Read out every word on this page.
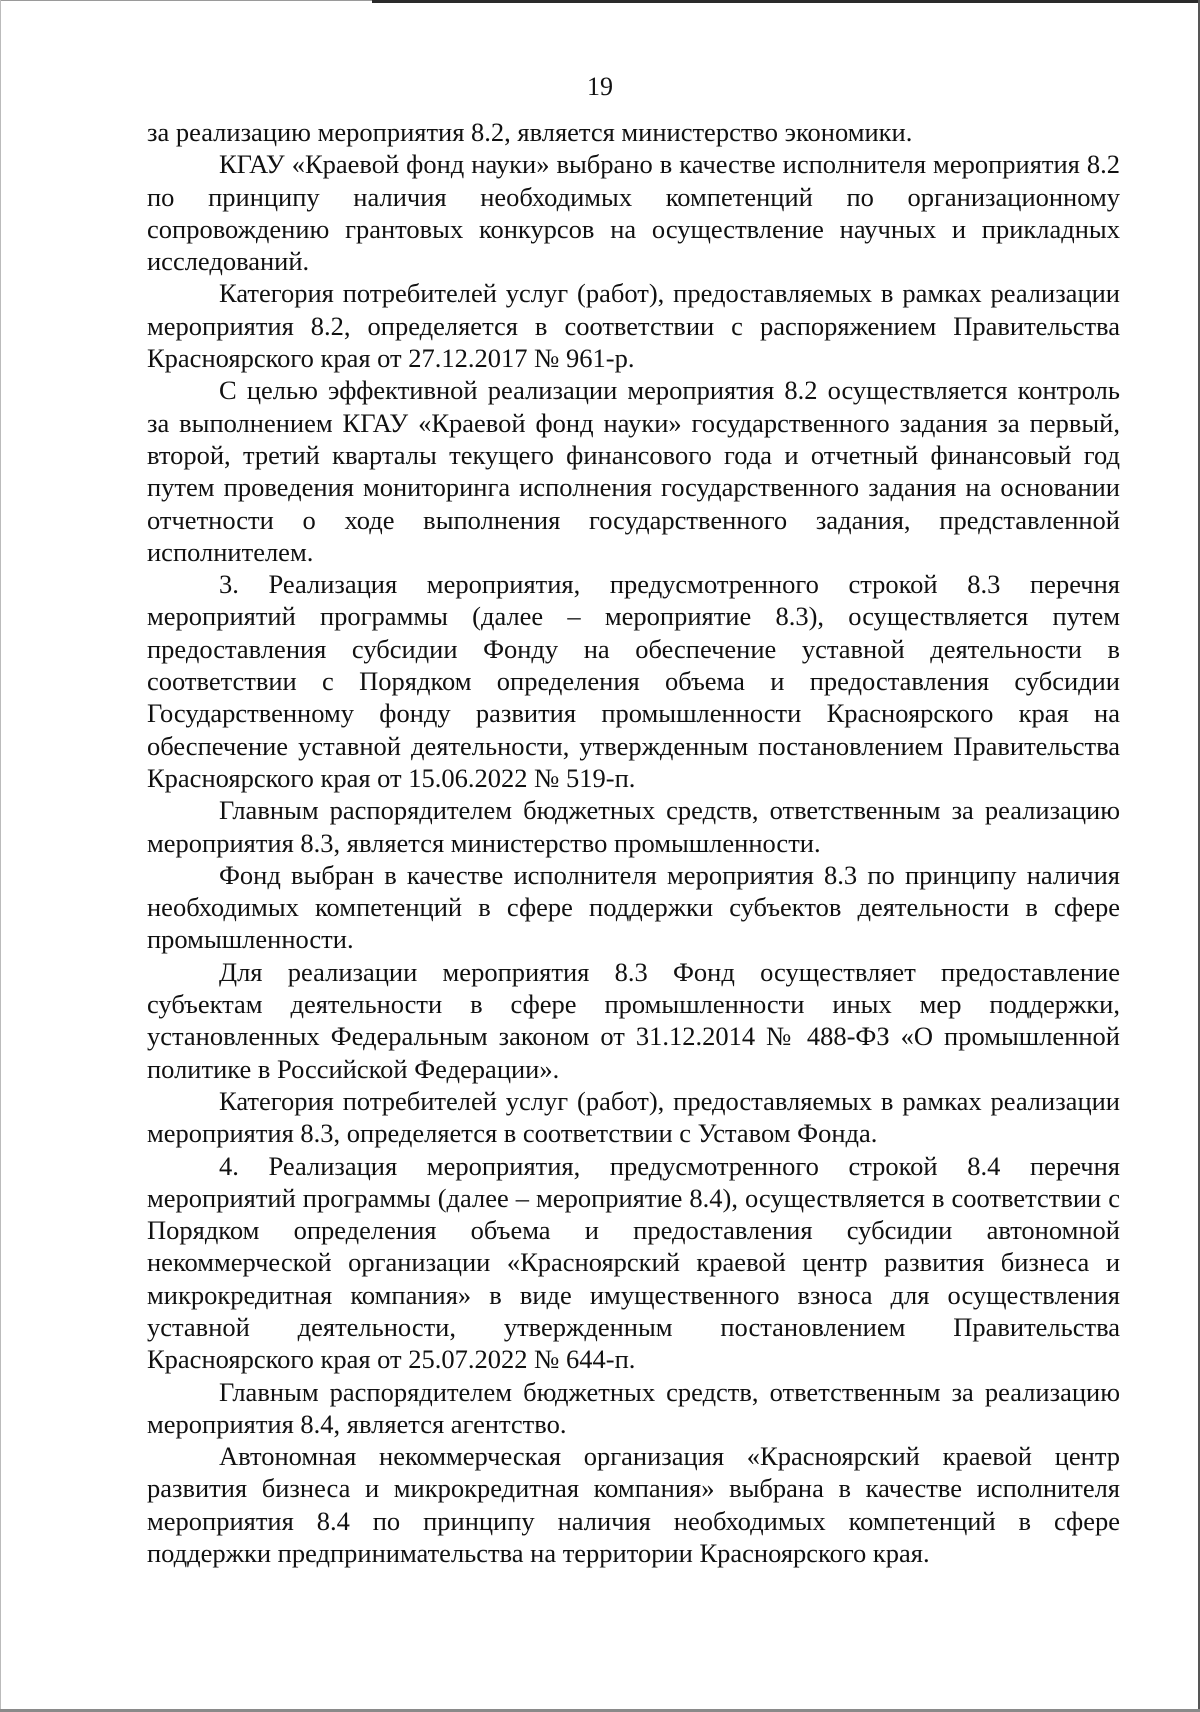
19

за реализацию мероприятия 8.2, является министерство экономики.

КГАУ «Краевой фонд науки» выбрано в качестве исполнителя мероприятия 8.2 по принципу наличия необходимых компетенций по организационному сопровождению грантовых конкурсов на осуществление научных и прикладных исследований.

Категория потребителей услуг (работ), предоставляемых в рамках реализации мероприятия 8.2, определяется в соответствии с распоряжением Правительства Красноярского края от 27.12.2017 № 961-р.

С целью эффективной реализации мероприятия 8.2 осуществляется контроль за выполнением КГАУ «Краевой фонд науки» государственного задания за первый, второй, третий кварталы текущего финансового года и отчетный финансовый год путем проведения мониторинга исполнения государственного задания на основании отчетности о ходе выполнения государственного задания, представленной исполнителем.

3. Реализация мероприятия, предусмотренного строкой 8.3 перечня мероприятий программы (далее – мероприятие 8.3), осуществляется путем предоставления субсидии Фонду на обеспечение уставной деятельности в соответствии с Порядком определения объема и предоставления субсидии Государственному фонду развития промышленности Красноярского края на обеспечение уставной деятельности, утвержденным постановлением Правительства Красноярского края от 15.06.2022 № 519-п.

Главным распорядителем бюджетных средств, ответственным за реализацию мероприятия 8.3, является министерство промышленности.

Фонд выбран в качестве исполнителя мероприятия 8.3 по принципу наличия необходимых компетенций в сфере поддержки субъектов деятельности в сфере промышленности.

Для реализации мероприятия 8.3 Фонд осуществляет предоставление субъектам деятельности в сфере промышленности иных мер поддержки, установленных Федеральным законом от 31.12.2014 № 488-ФЗ «О промышленной политике в Российской Федерации».

Категория потребителей услуг (работ), предоставляемых в рамках реализации мероприятия 8.3, определяется в соответствии с Уставом Фонда.

4. Реализация мероприятия, предусмотренного строкой 8.4 перечня мероприятий программы (далее – мероприятие 8.4), осуществляется в соответствии с Порядком определения объема и предоставления субсидии автономной некоммерческой организации «Красноярский краевой центр развития бизнеса и микрокредитная компания» в виде имущественного взноса для осуществления уставной деятельности, утвержденным постановлением Правительства Красноярского края от 25.07.2022 № 644-п.

Главным распорядителем бюджетных средств, ответственным за реализацию мероприятия 8.4, является агентство.

Автономная некоммерческая организация «Красноярский краевой центр развития бизнеса и микрокредитная компания» выбрана в качестве исполнителя мероприятия 8.4 по принципу наличия необходимых компетенций в сфере поддержки предпринимательства на территории Красноярского края.
